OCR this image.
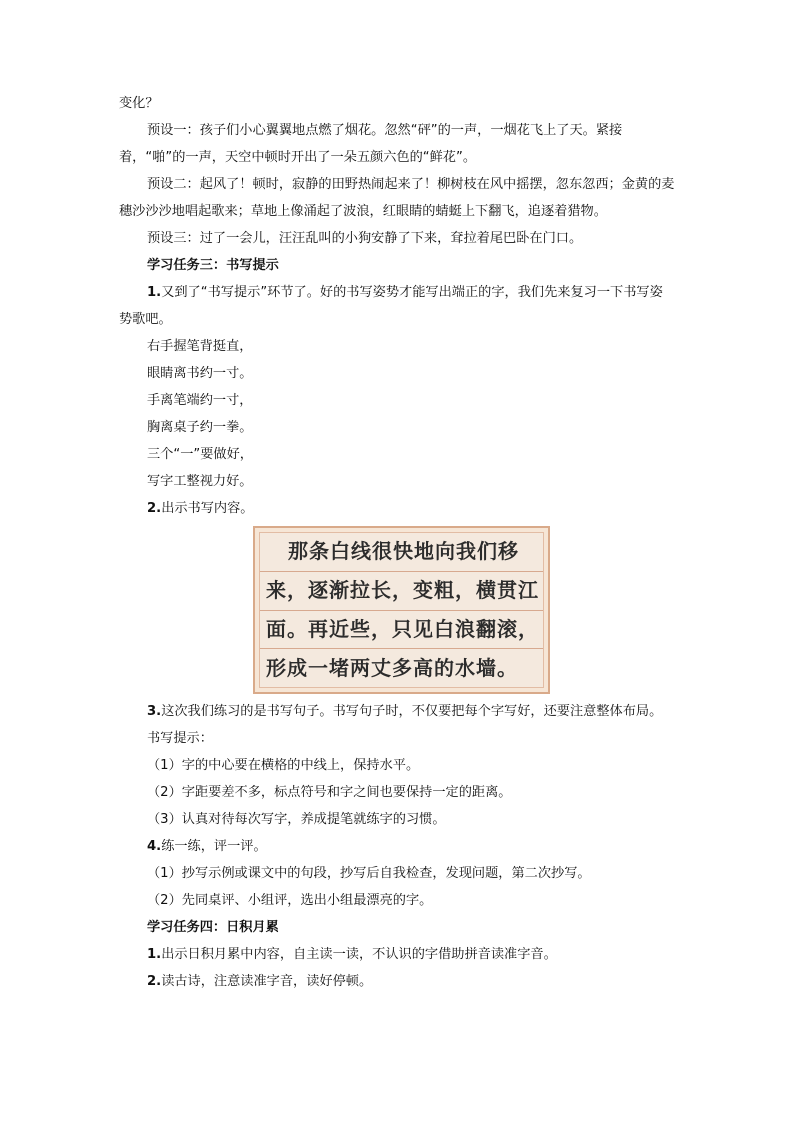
变化？

预设一：孩子们小心翼翼地点燃了烟花。忽然“砰”的一声，一烟花飞上了天。紧接着，“啪”的一声，天空中顿时开出了一朵五颜六色的“鲜花”。

预设二：起风了！顿时，寂静的田野热闹起来了！柳树枝在风中摇摆，忽东忽西；金黄的麦穗沙沙沙地唱起歌来；草地上像涌起了波浪，红眼睛的蜻蜓上下翻飞，追逐着猎物。

预设三：过了一会儿，汪汪乱叫的小狗安静了下来，耷拉着尾巴卧在门口。

学习任务三：书写提示

1.又到了“书写提示”环节了。好的书写姿势才能写出端正的字，我们先来复习一下书写姿势歌吧。

右手握笔背挺直，

眼睛离书约一寸。

手离笔端约一寸，

胸离桌子约一拳。

三个“一”要做好，

写字工整视力好。

2.出示书写内容。

那条白线很快地向我们移
来，逐渐拉长，变粗，横贯江
面。再近些，只见白浪翻滚，
形成一堵两丈多高的水墙。

3.这次我们练习的是书写句子。书写句子时，不仅要把每个字写好，还要注意整体布局。

书写提示：

（1）字的中心要在横格的中线上，保持水平。

（2）字距要差不多，标点符号和字之间也要保持一定的距离。

（3）认真对待每次写字，养成提笔就练字的习惯。

4.练一练，评一评。

（1）抄写示例或课文中的句段，抄写后自我检查，发现问题，第二次抄写。

（2）先同桌评、小组评，选出小组最漂亮的字。

学习任务四：日积月累

1.出示日积月累中内容，自主读一读，不认识的字借助拼音读准字音。

2.读古诗，注意读准字音，读好停顿。
